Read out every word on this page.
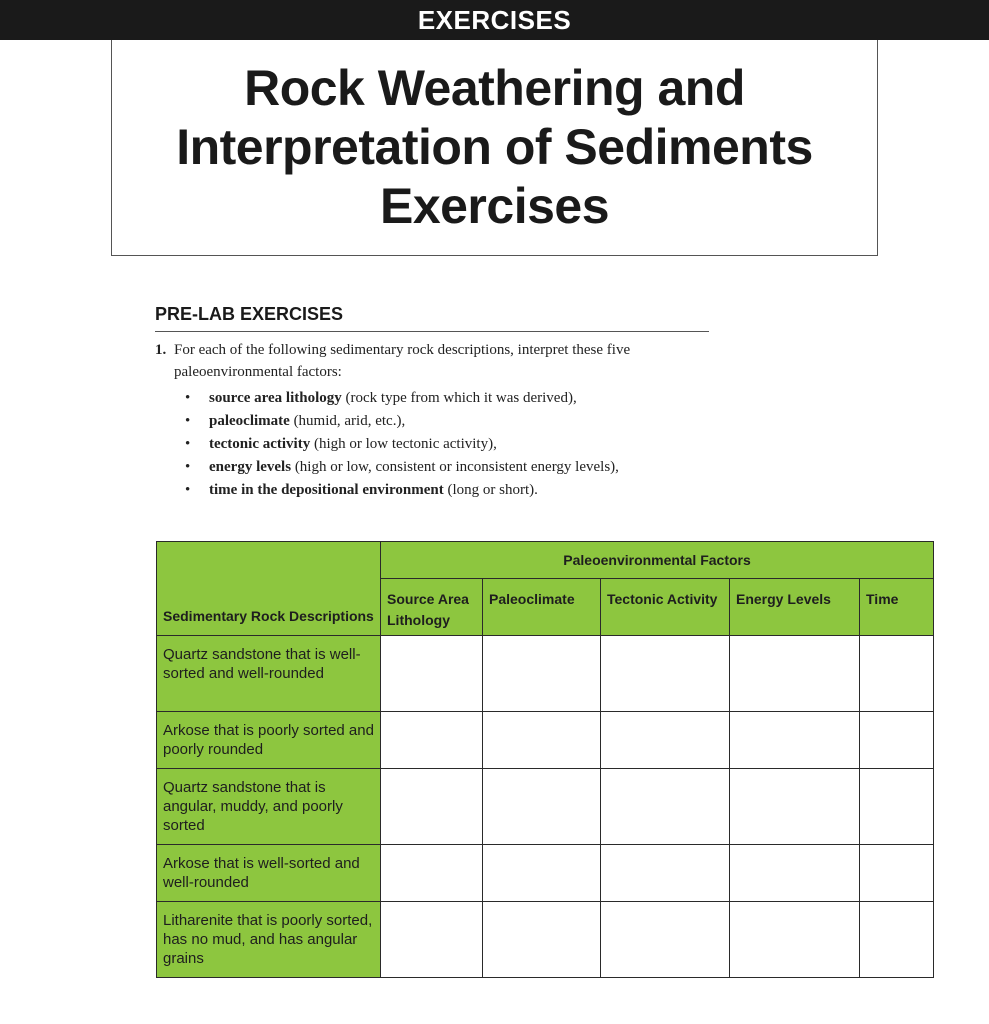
EXERCISES
Rock Weathering and
Interpretation of Sediments
Exercises
PRE-LAB EXERCISES
1. For each of the following sedimentary rock descriptions, interpret these five
paleoenvironmental factors:
• source area lithology (rock type from which it was derived),
• paleoclimate (humid, arid, etc.),
• tectonic activity (high or low tectonic activity),
• energy levels (high or low, consistent or inconsistent energy levels),
• time in the depositional environment (long or short).
Sedimentary Rock Descriptions	Paleoenvironmental Factors				
	Source Area Lithology	Paleoclimate	Tectonic Activity	Energy Levels	Time
Quartz sandstone that is well-sorted and well-rounded					
Arkose that is poorly sorted and poorly rounded					
Quartz sandstone that is angular, muddy, and poorly sorted					
Arkose that is well-sorted and well-rounded					
Litharenite that is poorly sorted, has no mud, and has angular grains					
